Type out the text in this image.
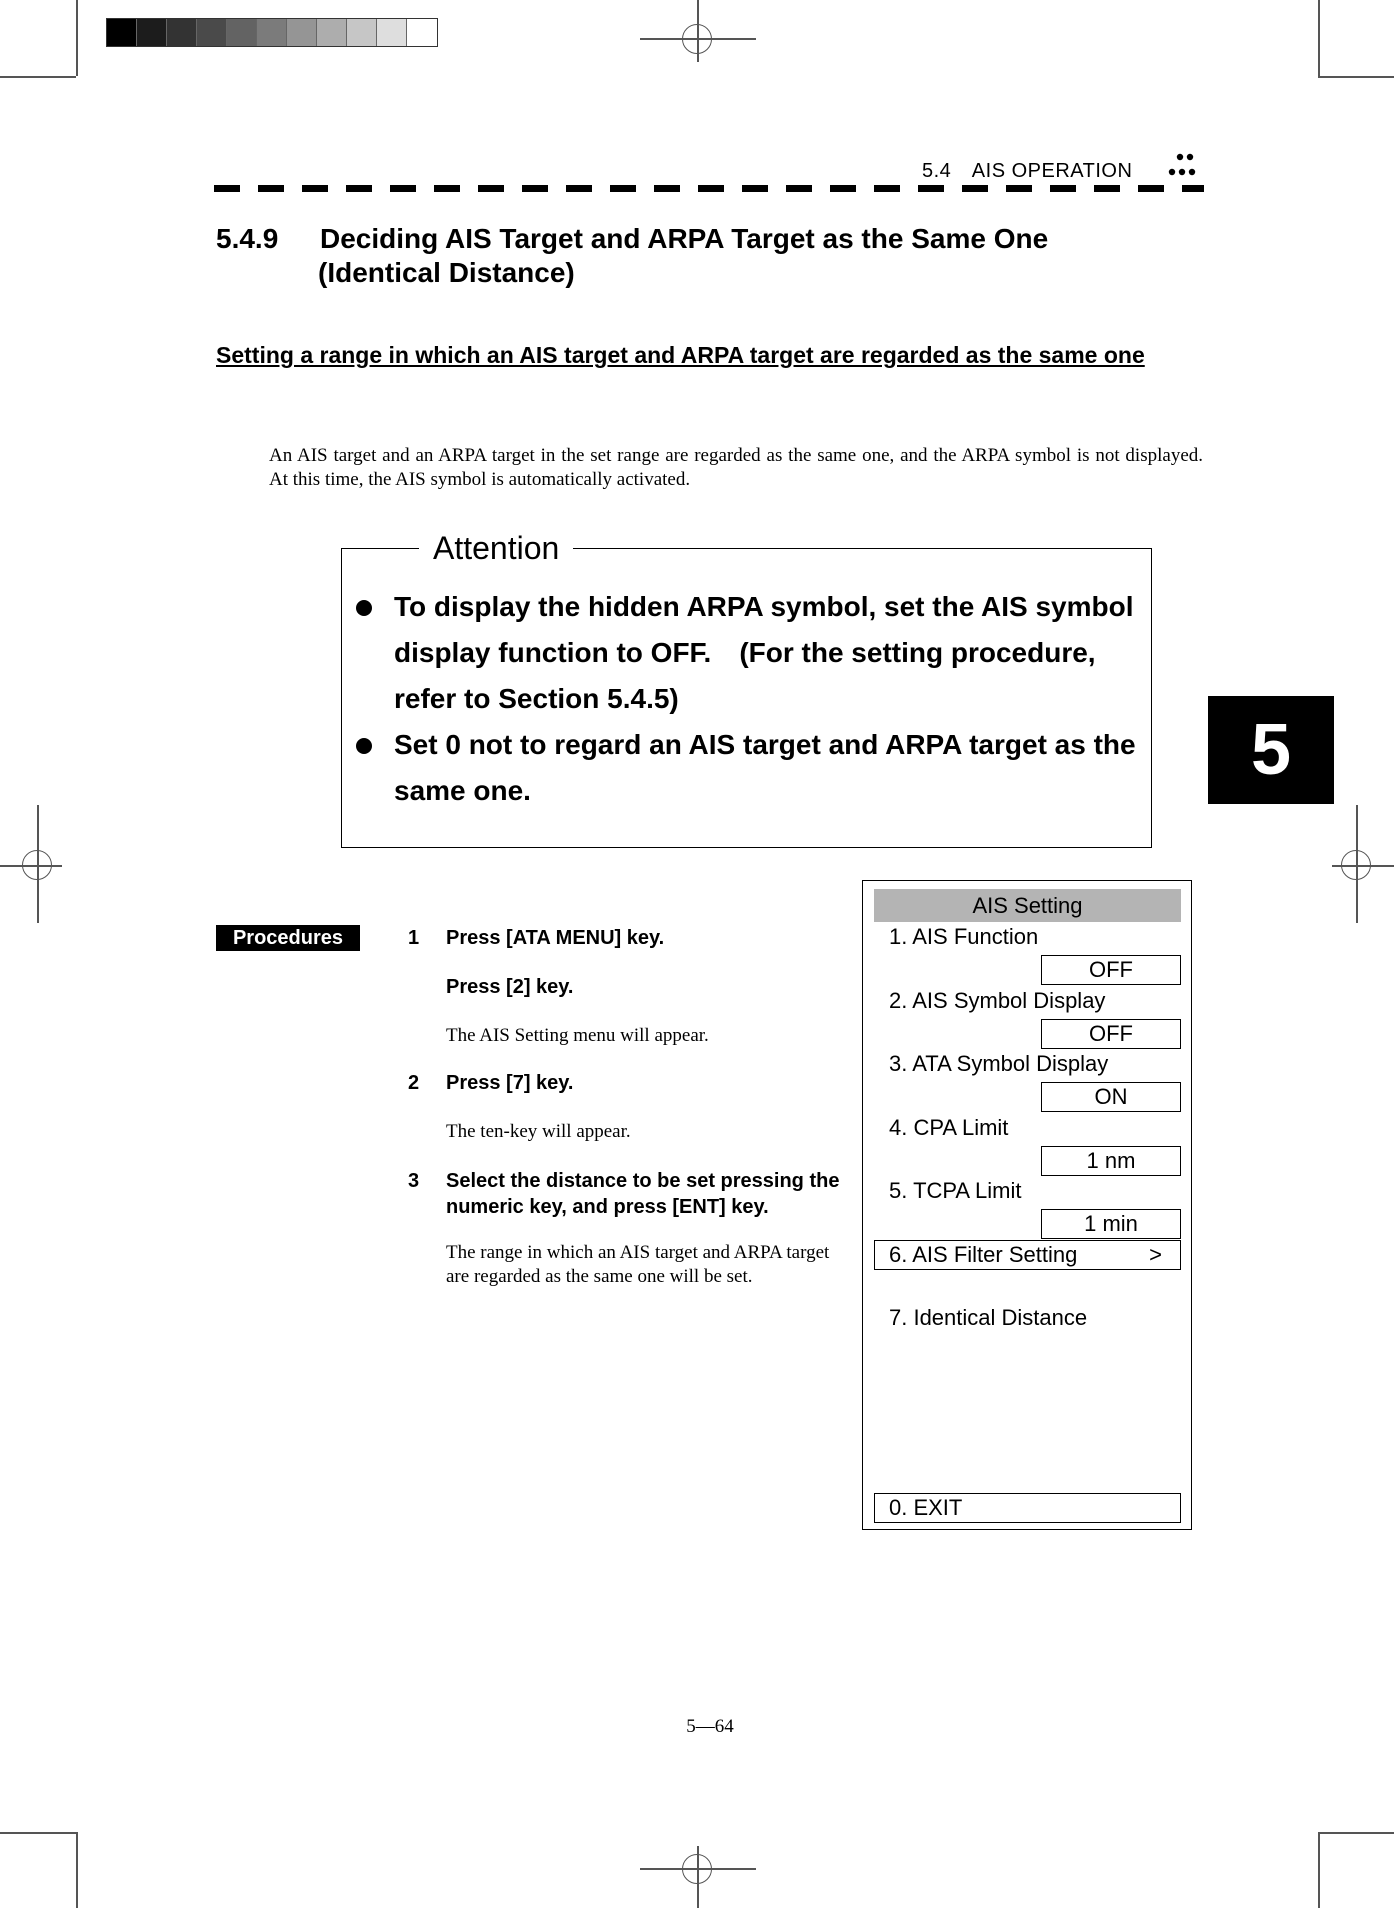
5.4　AIS OPERATION
5.4.9 Deciding AIS Target and ARPA Target as the Same One
(Identical Distance)
Setting a range in which an AIS target and ARPA target are regarded as the same one
An AIS target and an ARPA target in the set range are regarded as the same one, and the ARPA symbol is not displayed.　At this time, the AIS symbol is automatically activated.
Attention
To display the hidden ARPA symbol, set the AIS symbol display function to OFF.　(For the setting procedure, refer to Section 5.4.5)
Set 0 not to regard an AIS target and ARPA target as the same one.
5
Procedures	1 Press [ATA MENU] key.
Press [2] key.
The AIS Setting menu will appear.
2 Press [7] key.
The ten-key will appear.
3 Select the distance to be set pressing the numeric key, and press [ENT] key.
The range in which an AIS target and ARPA target are regarded as the same one will be set.
AIS Setting
1. AIS Function
OFF
2. AIS Symbol Display
OFF
3. ATA Symbol Display
ON
4. CPA Limit
1 nm
5. TCPA Limit
1 min
6. AIS Filter Setting	>
7. Identical Distance
0. EXIT
5—64
